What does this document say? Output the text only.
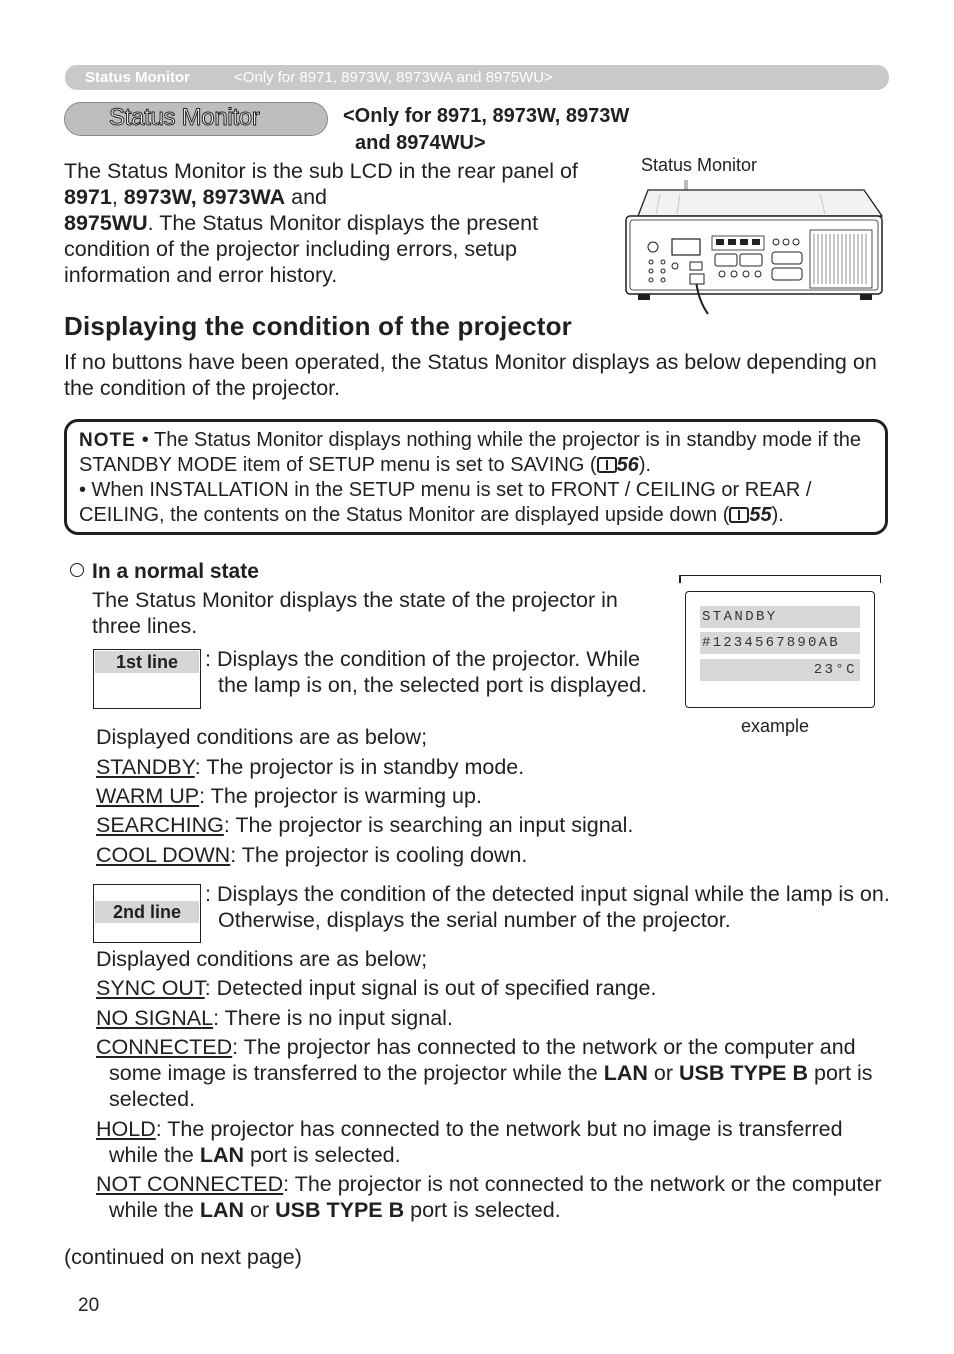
Status Monitor	<Only for 8971, 8973W, 8973WA and 8975WU>
Status Monitor	<Only for 8971, 8973W, 8973W
and 8974WU>
The Status Monitor is the sub LCD in the rear panel of
8971, 8973W, 8973WA and
8975WU. The Status Monitor displays the present condition of the projector including errors, setup information and error history.
Status Monitor
Displaying the condition of the projector
If no buttons have been operated, the Status Monitor displays as below depending on the condition of the projector.
NOTE • The Status Monitor displays nothing while the projector is in standby mode if the STANDBY MODE item of SETUP menu is set to SAVING ( 56).
• When INSTALLATION in the SETUP menu is set to FRONT / CEILING or REAR / CEILING, the contents on the Status Monitor are displayed upside down ( 55).
In a normal state
The Status Monitor displays the state of the projector in three lines.	STANDBY
#1234567890AB
23°C
example
1st line	: Displays the condition of the projector. While the lamp is on, the selected port is displayed.
Displayed conditions are as below;
STANDBY: The projector is in standby mode.
WARM UP: The projector is warming up.
SEARCHING: The projector is searching an input signal.
COOL DOWN: The projector is cooling down.
2nd line
: Displays the condition of the detected input signal while the lamp is on. Otherwise, displays the serial number of the projector.
Displayed conditions are as below;
SYNC OUT: Detected input signal is out of specified range.
NO SIGNAL: There is no input signal.
CONNECTED: The projector has connected to the network or the computer and some image is transferred to the projector while the LAN or USB TYPE B port is selected.
HOLD: The projector has connected to the network but no image is transferred while the LAN port is selected.
NOT CONNECTED: The projector is not connected to the network or the computer while the LAN or USB TYPE B port is selected.
(continued on next page)
20
